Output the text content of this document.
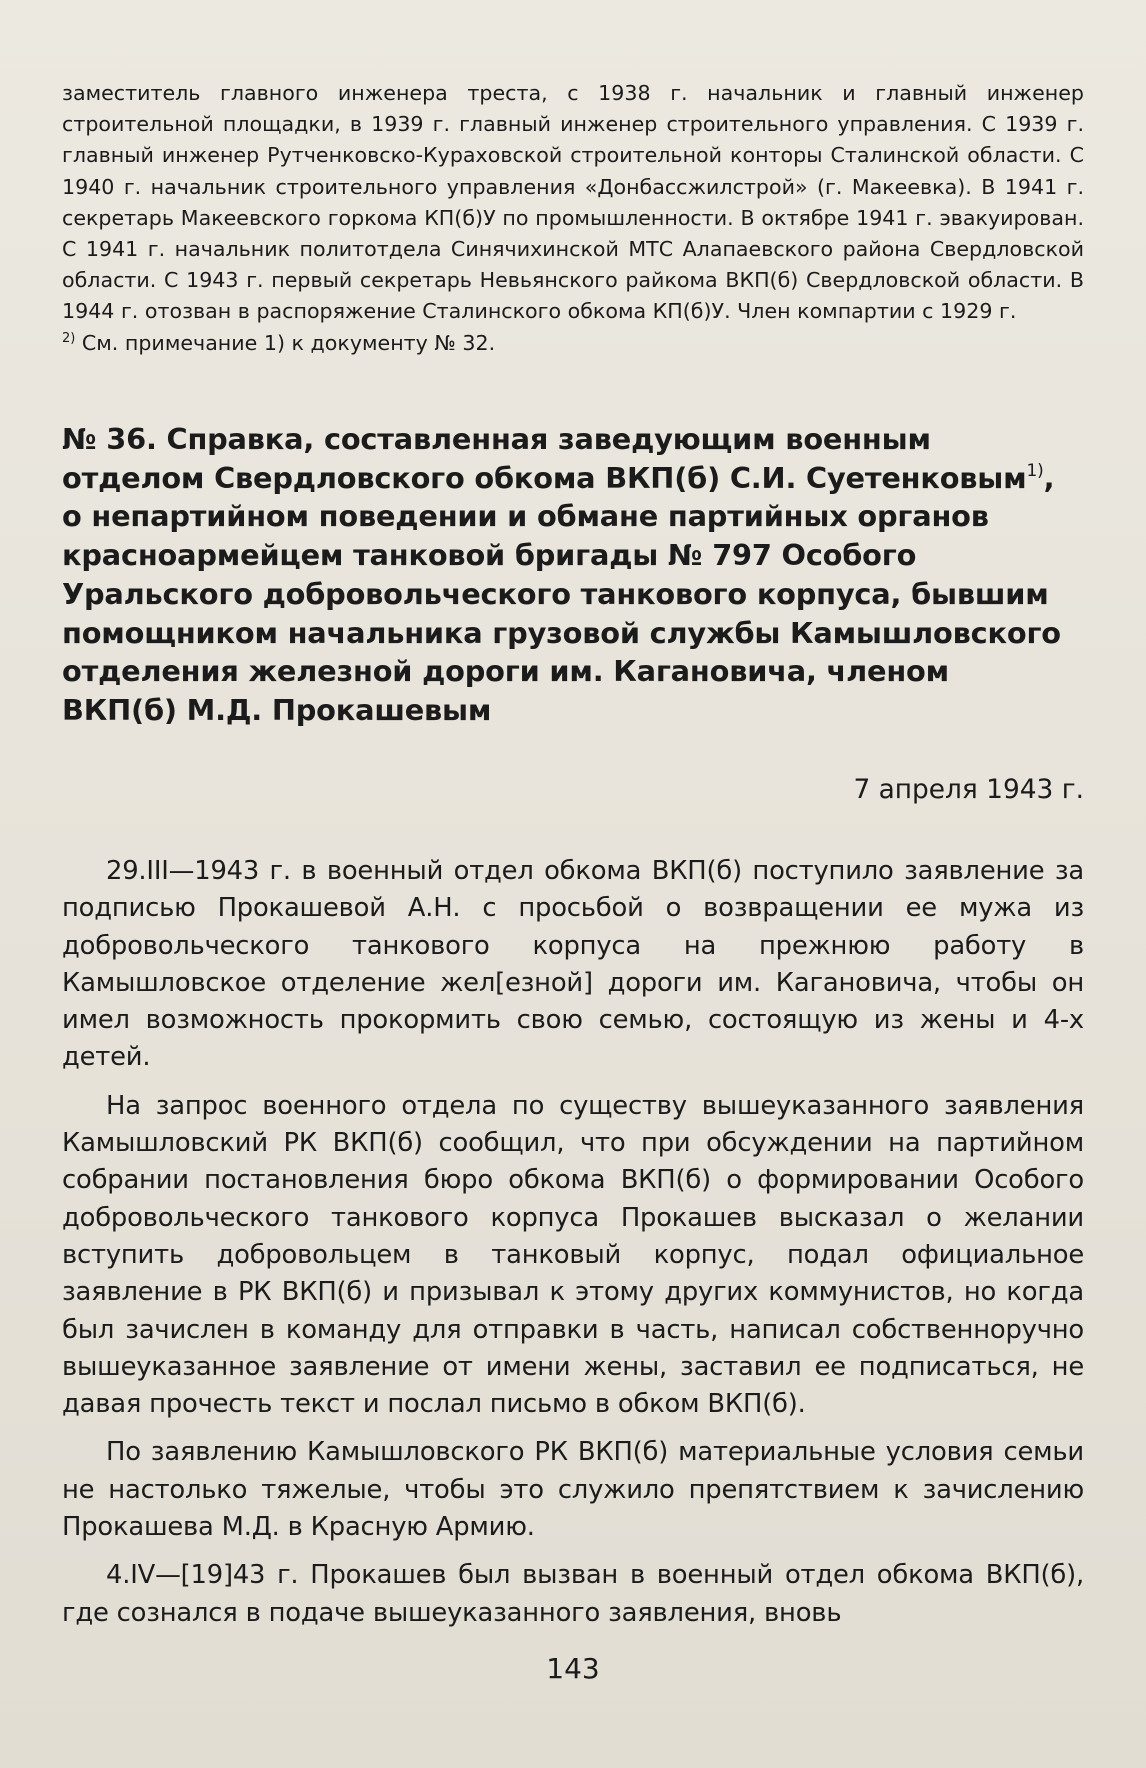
заместитель главного инженера треста, с 1938 г. начальник и главный инженер строительной площадки, в 1939 г. главный инженер строительного управления. С 1939 г. главный инженер Рутченковско-Кураховской строительной конторы Сталинской области. С 1940 г. начальник строительного управления «Донбассжилстрой» (г. Макеевка). В 1941 г. секретарь Макеевского горкома КП(б)У по промышленности. В октябре 1941 г. эвакуирован. С 1941 г. начальник политотдела Синячихинской МТС Алапаевского района Свердловской области. С 1943 г. первый секретарь Невьянского райкома ВКП(б) Свердловской области. В 1944 г. отозван в распоряжение Сталинского обкома КП(б)У. Член компартии с 1929 г.

$^{2)}$ См. примечание 1) к документу № 32.

№ 36. Справка, составленная заведующим военным
отделом Свердловского обкома ВКП(б) С.И. Суетенковым$^{1)}$,
о непартийном поведении и обмане партийных органов
красноармейцем танковой бригады № 797 Особого
Уральского добровольческого танкового корпуса, бывшим
помощником начальника грузовой службы Камышловского
отделения железной дороги им. Кагановича, членом
ВКП(б) М.Д. Прокашевым
7 апреля 1943 г.

29.III—1943 г. в военный отдел обкома ВКП(б) поступило заявление за подписью Прокашевой А.Н. с просьбой о возвращении ее мужа из добровольческого танкового корпуса на прежнюю работу в Камышловское отделение жел[езной] дороги им. Кагановича, чтобы он имел возможность прокормить свою семью, состоящую из жены и 4-х детей.

На запрос военного отдела по существу вышеуказанного заявления Камышловский РК ВКП(б) сообщил, что при обсуждении на партийном собрании постановления бюро обкома ВКП(б) о формировании Особого добровольческого танкового корпуса Прокашев высказал о желании вступить добровольцем в танковый корпус, подал официальное заявление в РК ВКП(б) и призывал к этому других коммунистов, но когда был зачислен в команду для отправки в часть, написал собственноручно вышеуказанное заявление от имени жены, заставил ее подписаться, не давая прочесть текст и послал письмо в обком ВКП(б).

По заявлению Камышловского РК ВКП(б) материальные условия семьи не настолько тяжелые, чтобы это служило препятствием к зачислению Прокашева М.Д. в Красную Армию.

4.IV—[19]43 г. Прокашев был вызван в военный отдел обкома ВКП(б), где сознался в подаче вышеуказанного заявления, вновь

143
